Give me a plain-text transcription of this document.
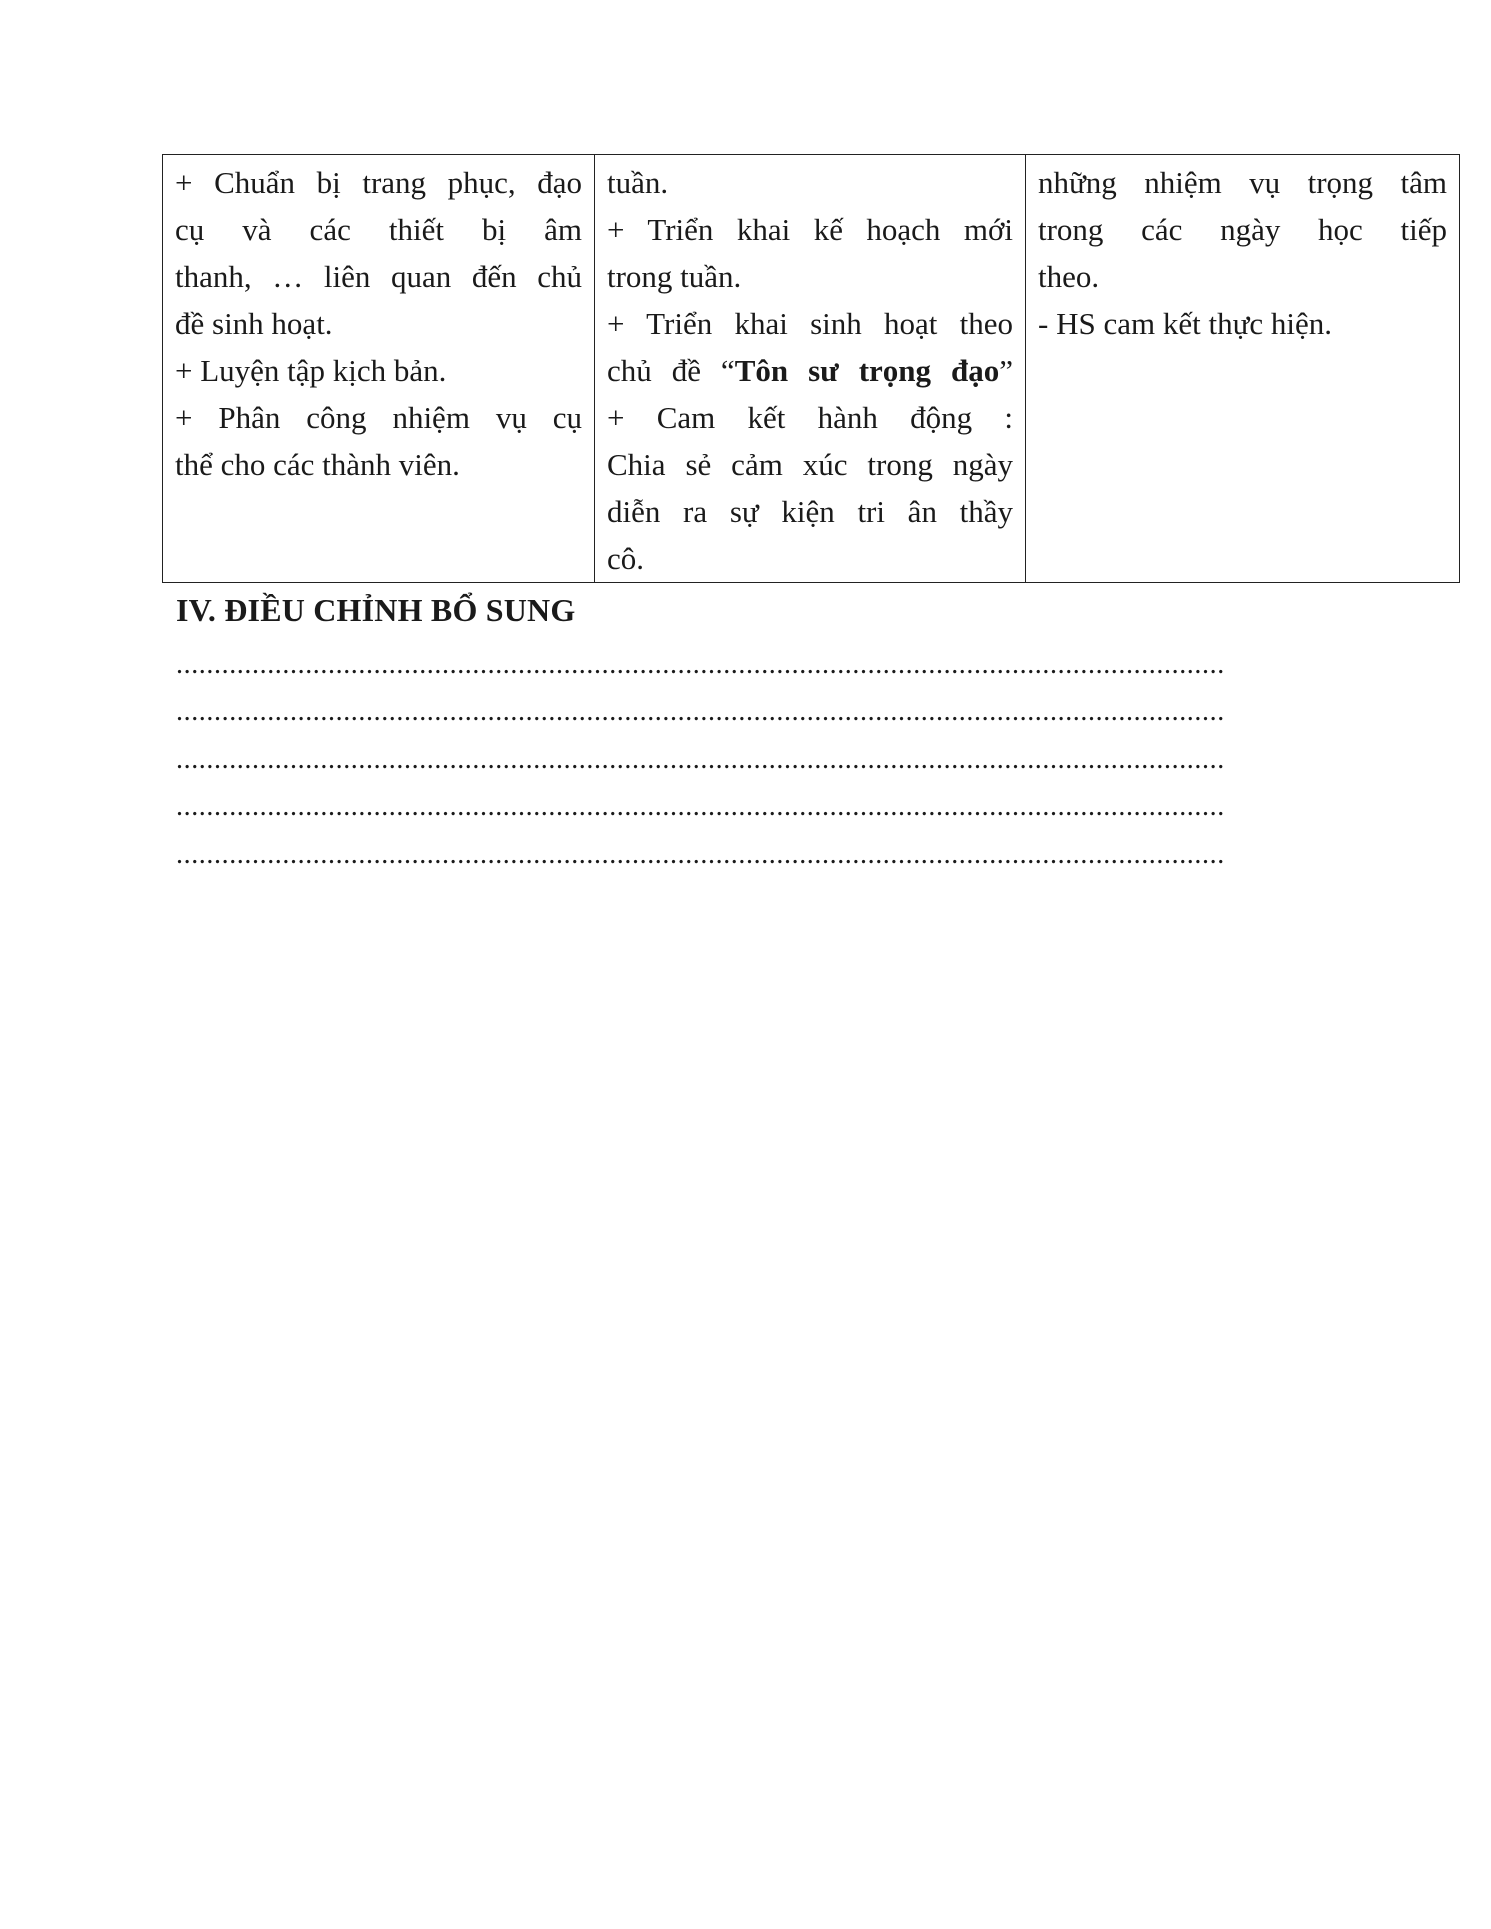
+ Chuẩn bị trang phục, đạo
cụ và các thiết bị âm
thanh, … liên quan đến chủ
đề sinh hoạt.
+ Luyện tập kịch bản.
+ Phân công nhiệm vụ cụ
thể cho các thành viên.

tuần.
+ Triển khai kế hoạch mới
trong tuần.
+ Triển khai sinh hoạt theo
chủ đề “Tôn sư trọng đạo”
+ Cam kết hành động :
Chia sẻ cảm xúc trong ngày
diễn ra sự kiện tri ân thầy
cô.

những nhiệm vụ trọng tâm
trong các ngày học tiếp
theo.
- HS cam kết thực hiện.
IV. ĐIỀU CHỈNH BỔ SUNG
..........................................................................................................................................
..........................................................................................................................................
..........................................................................................................................................
..........................................................................................................................................
..........................................................................................................................................
